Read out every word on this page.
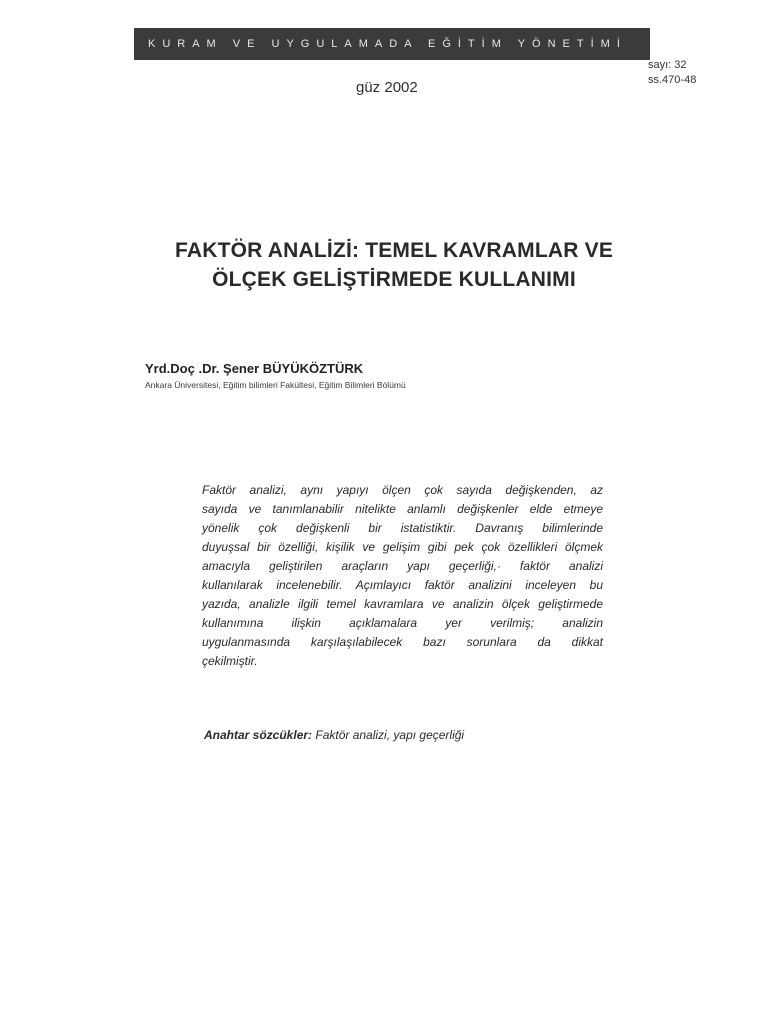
KURAM VE UYGULAMADA EĞİTİM YÖNETİMİ
sayı: 32
ss.470-48
güz 2002
FAKTÖR ANALİZİ: TEMEL KAVRAMLAR VE
ÖLÇEK GELİŞTİRMEDE KULLANIMI
Yrd.Doç .Dr. Şener BÜYÜKÖZTÜRK
Ankara Üniversitesi, Eğitim bilimleri Fakültesi, Eğitim Bilimleri Bölümü
Faktör analizi, aynı yapıyı ölçen çok sayıda değişkenden, az
sayıda ve tanımlanabilir nitelikte anlamlı değişkenler elde etmeye
yönelik çok değişkenli bir istatistiktir. Davranış bilimlerinde
duyuşsal bir özelliği, kişilik ve gelişim gibi pek çok özellikleri ölçmek
amacıyla geliştirilen araçların yapı geçerliği,· faktör analizi
kullanılarak incelenebilir. Açımlayıcı faktör analizini inceleyen bu
yazıda, analizle ilgili temel kavramlara ve analizin ölçek geliştirmede
kullanımına ilişkin açıklamalara yer verilmiş; analizin
uygulanmasında karşılaşılabilecek bazı sorunlara da dikkat
çekilmiştir.
Anahtar sözcükler: Faktör analizi, yapı geçerliği
